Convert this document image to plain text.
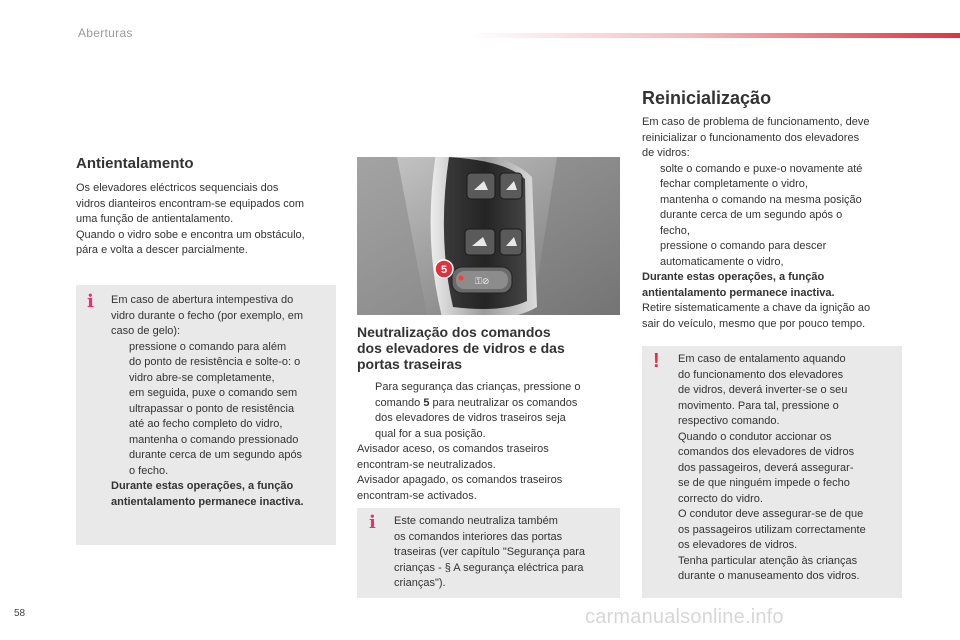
Aberturas
Antientalamento

Os elevadores eléctricos sequenciais dos

vidros dianteiros encontram-se equipados com

uma função de antientalamento.

Quando o vidro sobe e encontra um obstáculo,

pára e volta a descer parcialmente.

i Em caso de abertura intempestiva do

vidro durante o fecho (por exemplo, em

caso de gelo):

pressione o comando para além

do ponto de resistência e solte-o: o

vidro abre-se completamente,

em seguida, puxe o comando sem

ultrapassar o ponto de resistência

até ao fecho completo do vidro,

mantenha o comando pressionado

durante cerca de um segundo após

o fecho.

Durante estas operações, a função

antientalamento permanece inactiva.

⚿⊘
5
Neutralização dos comandos
dos elevadores de vidros e das
portas traseiras

Para segurança das crianças, pressione o

comando 5 para neutralizar os comandos

dos elevadores de vidros traseiros seja

qual for a sua posição.

Avisador aceso, os comandos traseiros

encontram-se neutralizados.

Avisador apagado, os comandos traseiros

encontram-se activados.

i Este comando neutraliza também

os comandos interiores das portas

traseiras (ver capítulo "Segurança para

crianças - § A segurança eléctrica para

crianças").

Reinicialização

Em caso de problema de funcionamento, deve

reinicializar o funcionamento dos elevadores

de vidros:

solte o comando e puxe-o novamente até

fechar completamente o vidro,

mantenha o comando na mesma posição

durante cerca de um segundo após o

fecho,

pressione o comando para descer

automaticamente o vidro,

Durante estas operações, a função

antientalamento permanece inactiva.

Retire sistematicamente a chave da ignição ao

sair do veículo, mesmo que por pouco tempo.

! Em caso de entalamento aquando

do funcionamento dos elevadores

de vidros, deverá inverter-se o seu

movimento. Para tal, pressione o

respectivo comando.

Quando o condutor accionar os

comandos dos elevadores de vidros

dos passageiros, deverá assegurar-

se de que ninguém impede o fecho

correcto do vidro.

O condutor deve assegurar-se de que

os passageiros utilizam correctamente

os elevadores de vidros.

Tenha particular atenção às crianças

durante o manuseamento dos vidros.

58	carmanualsonline.info
